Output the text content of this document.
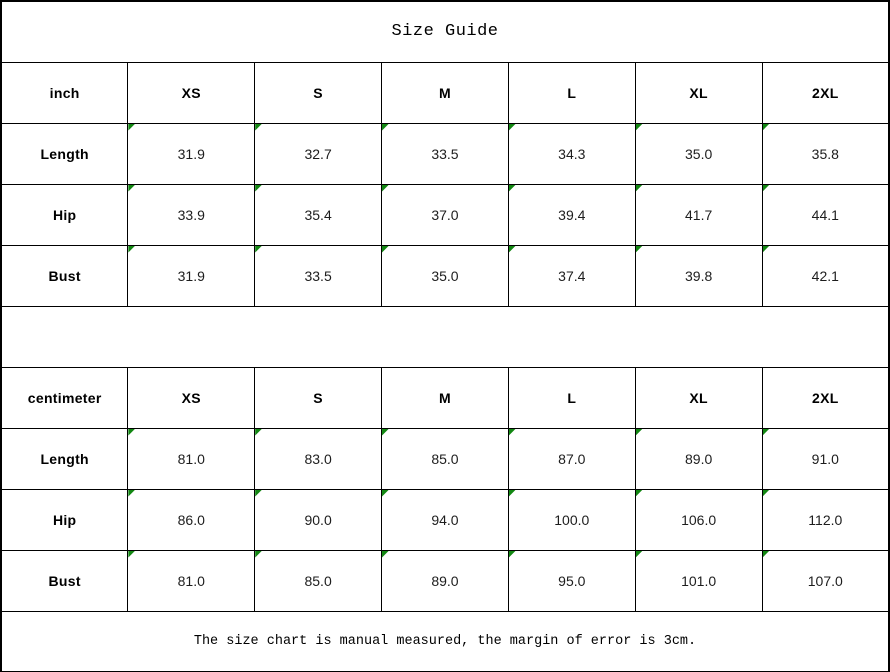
Size Guide						
inch	XS	S	M	L	XL	2XL
Length	31.9	32.7	33.5	34.3	35.0	35.8
Hip	33.9	35.4	37.0	39.4	41.7	44.1
Bust	31.9	33.5	35.0	37.4	39.8	42.1

centimeter	XS	S	M	L	XL	2XL
Length	81.0	83.0	85.0	87.0	89.0	91.0
Hip	86.0	90.0	94.0	100.0	106.0	112.0
Bust	81.0	85.0	89.0	95.0	101.0	107.0
The size chart is manual measured, the margin of error is 3cm.						
